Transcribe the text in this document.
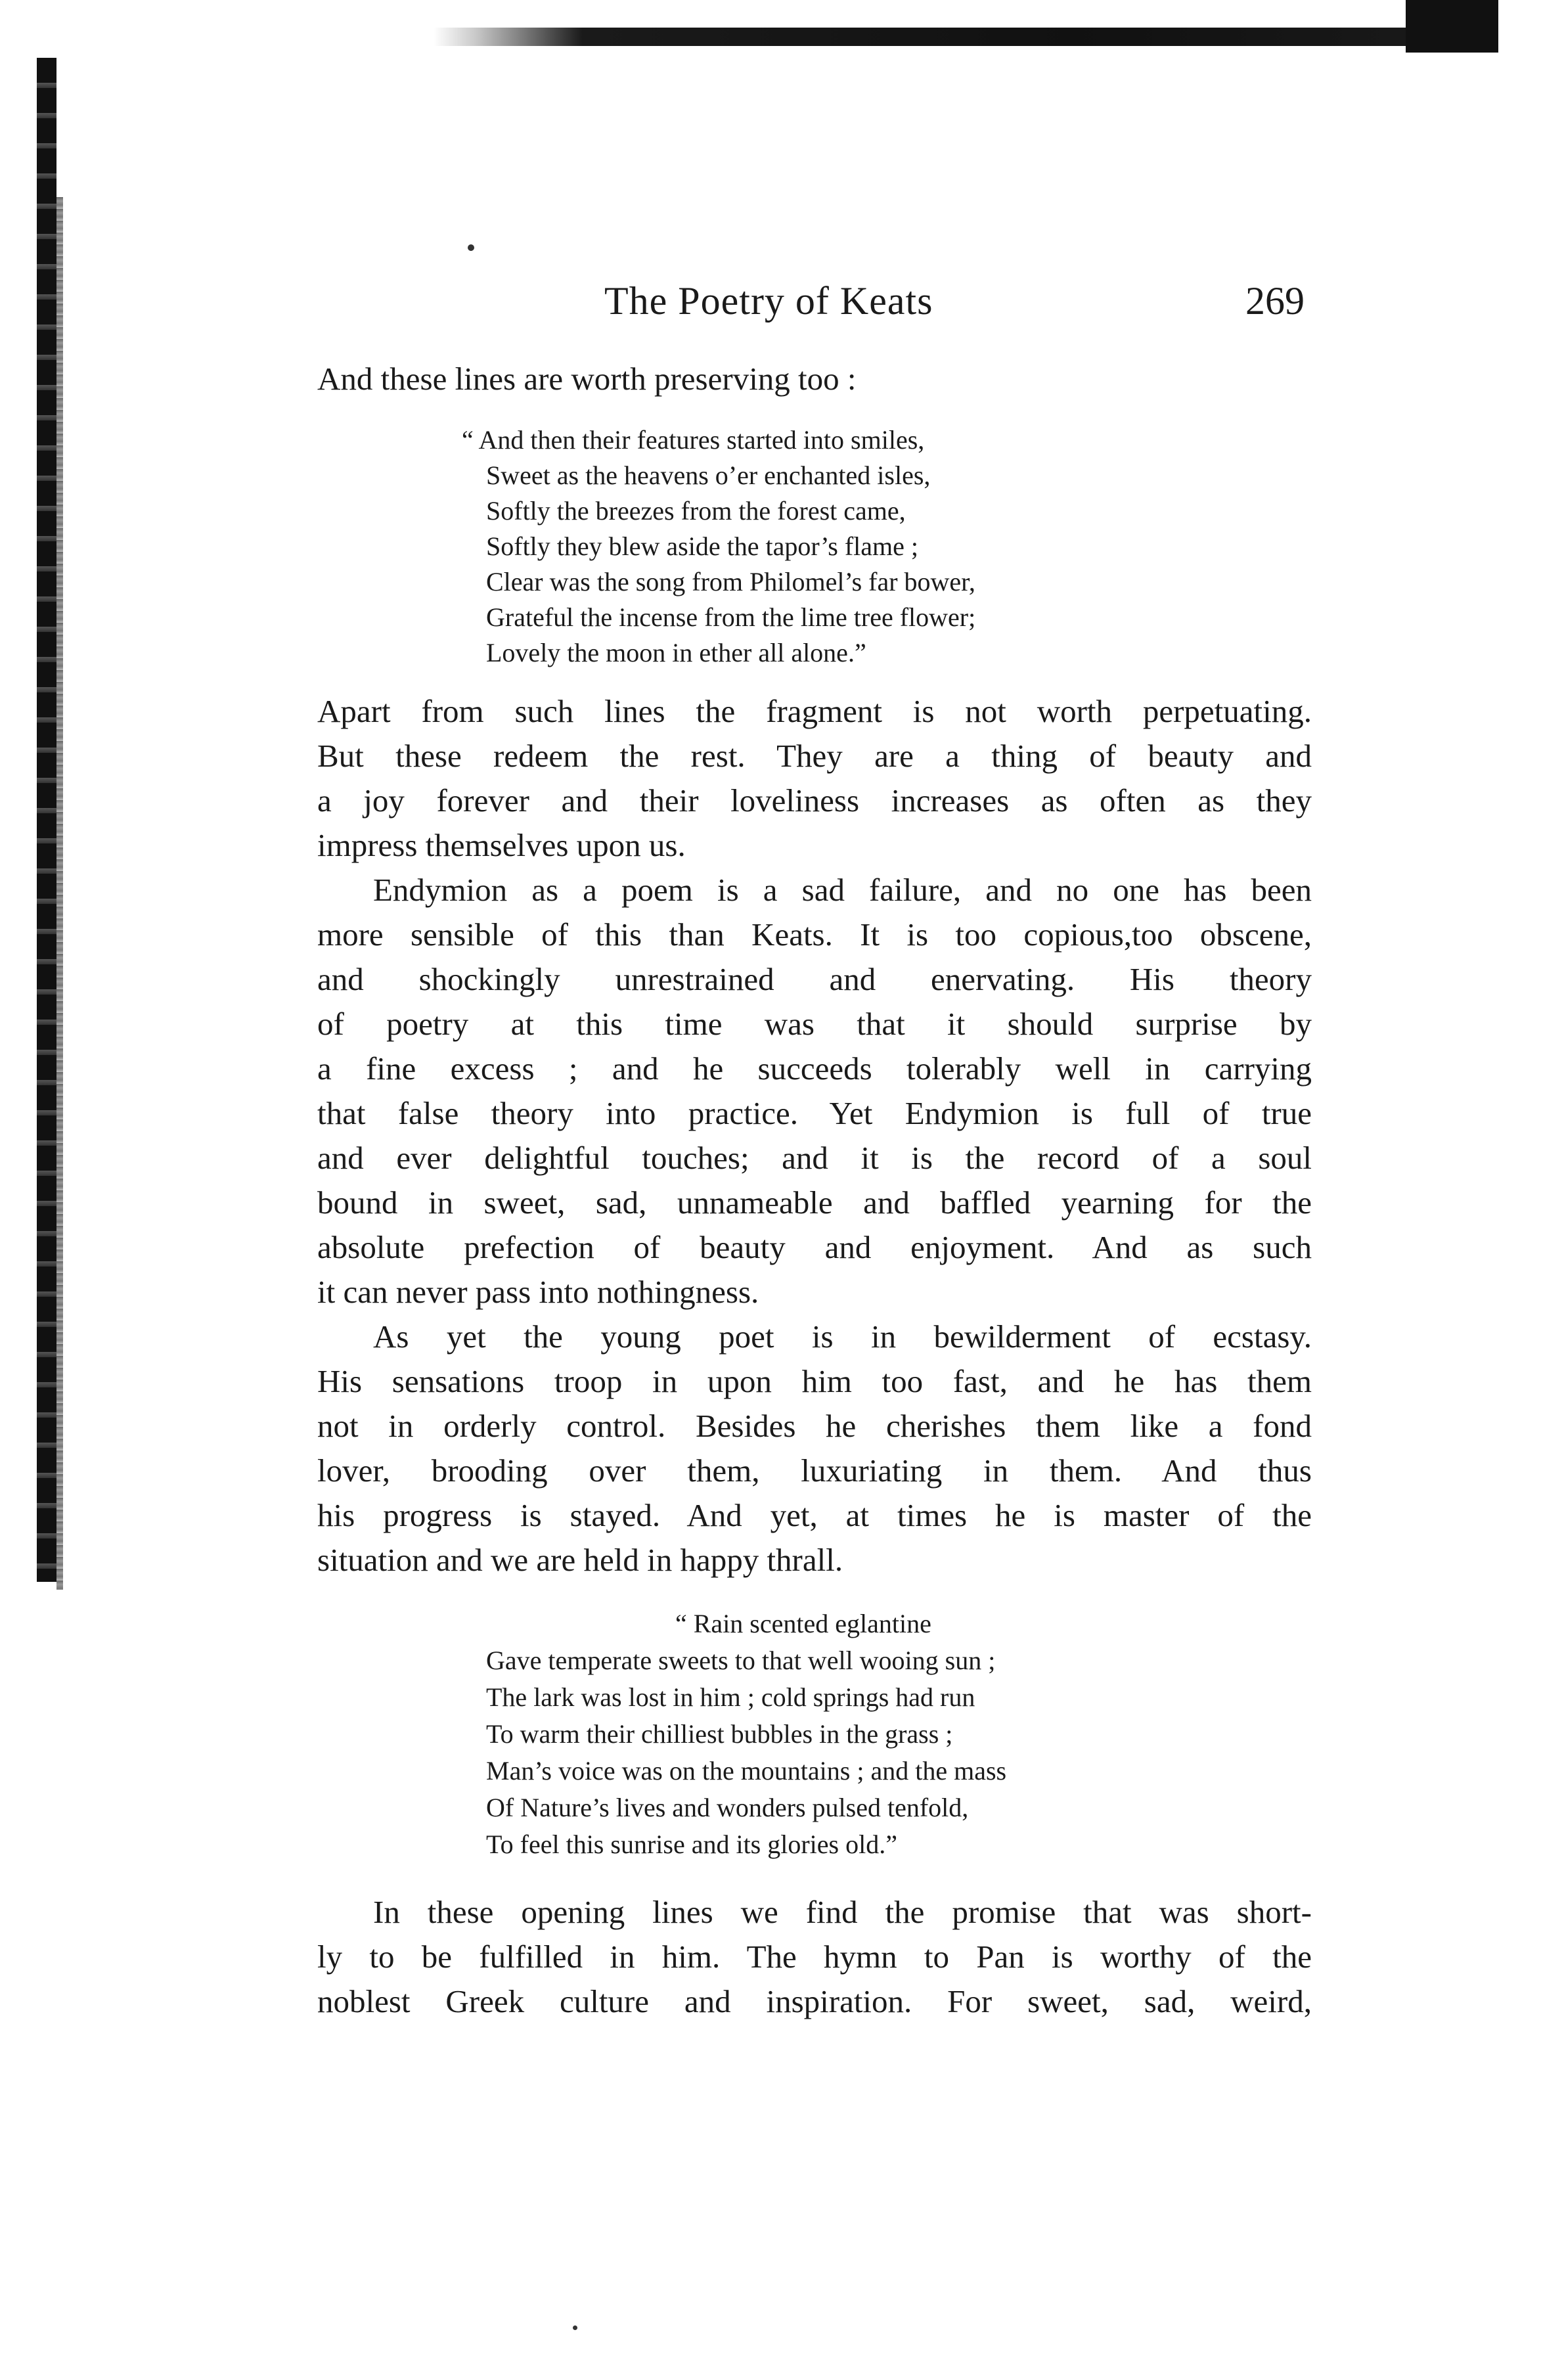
The Poetry of Keats	269
And these lines are worth preserving too :
“ And then their features started into smiles,
Sweet as the heavens o’er enchanted isles,
Softly the breezes from the forest came,
Softly they blew aside the tapor’s flame ;
Clear was the song from Philomel’s far bower,
Grateful the incense from the lime tree flower;
Lovely the moon in ether all alone.”
Apart from such lines the fragment is not worth perpetuating.
But these redeem the rest. They are a thing of beauty and
a joy forever and their loveliness increases as often as they
impress themselves upon us.
Endymion as a poem is a sad failure, and no one has been
more sensible of this than Keats. It is too copious,too obscene,
and shockingly unrestrained and enervating. His theory
of poetry at this time was that it should surprise by
a fine excess ; and he succeeds tolerably well in carrying
that false theory into practice. Yet Endymion is full of true
and ever delightful touches; and it is the record of a soul
bound in sweet, sad, unnameable and baffled yearning for the
absolute prefection of beauty and enjoyment. And as such
it can never pass into nothingness.
As yet the young poet is in bewilderment of ecstasy.
His sensations troop in upon him too fast, and he has them
not in orderly control. Besides he cherishes them like a fond
lover, brooding over them, luxuriating in them. And thus
his progress is stayed. And yet, at times he is master of the
situation and we are held in happy thrall.
“ Rain scented eglantine
Gave temperate sweets to that well wooing sun ;
The lark was lost in him ; cold springs had run
To warm their chilliest bubbles in the grass ;
Man’s voice was on the mountains ; and the mass
Of Nature’s lives and wonders pulsed tenfold,
To feel this sunrise and its glories old.”
In these opening lines we find the promise that was short-
ly to be fulfilled in him. The hymn to Pan is worthy of the
noblest Greek culture and inspiration. For sweet, sad, weird,
